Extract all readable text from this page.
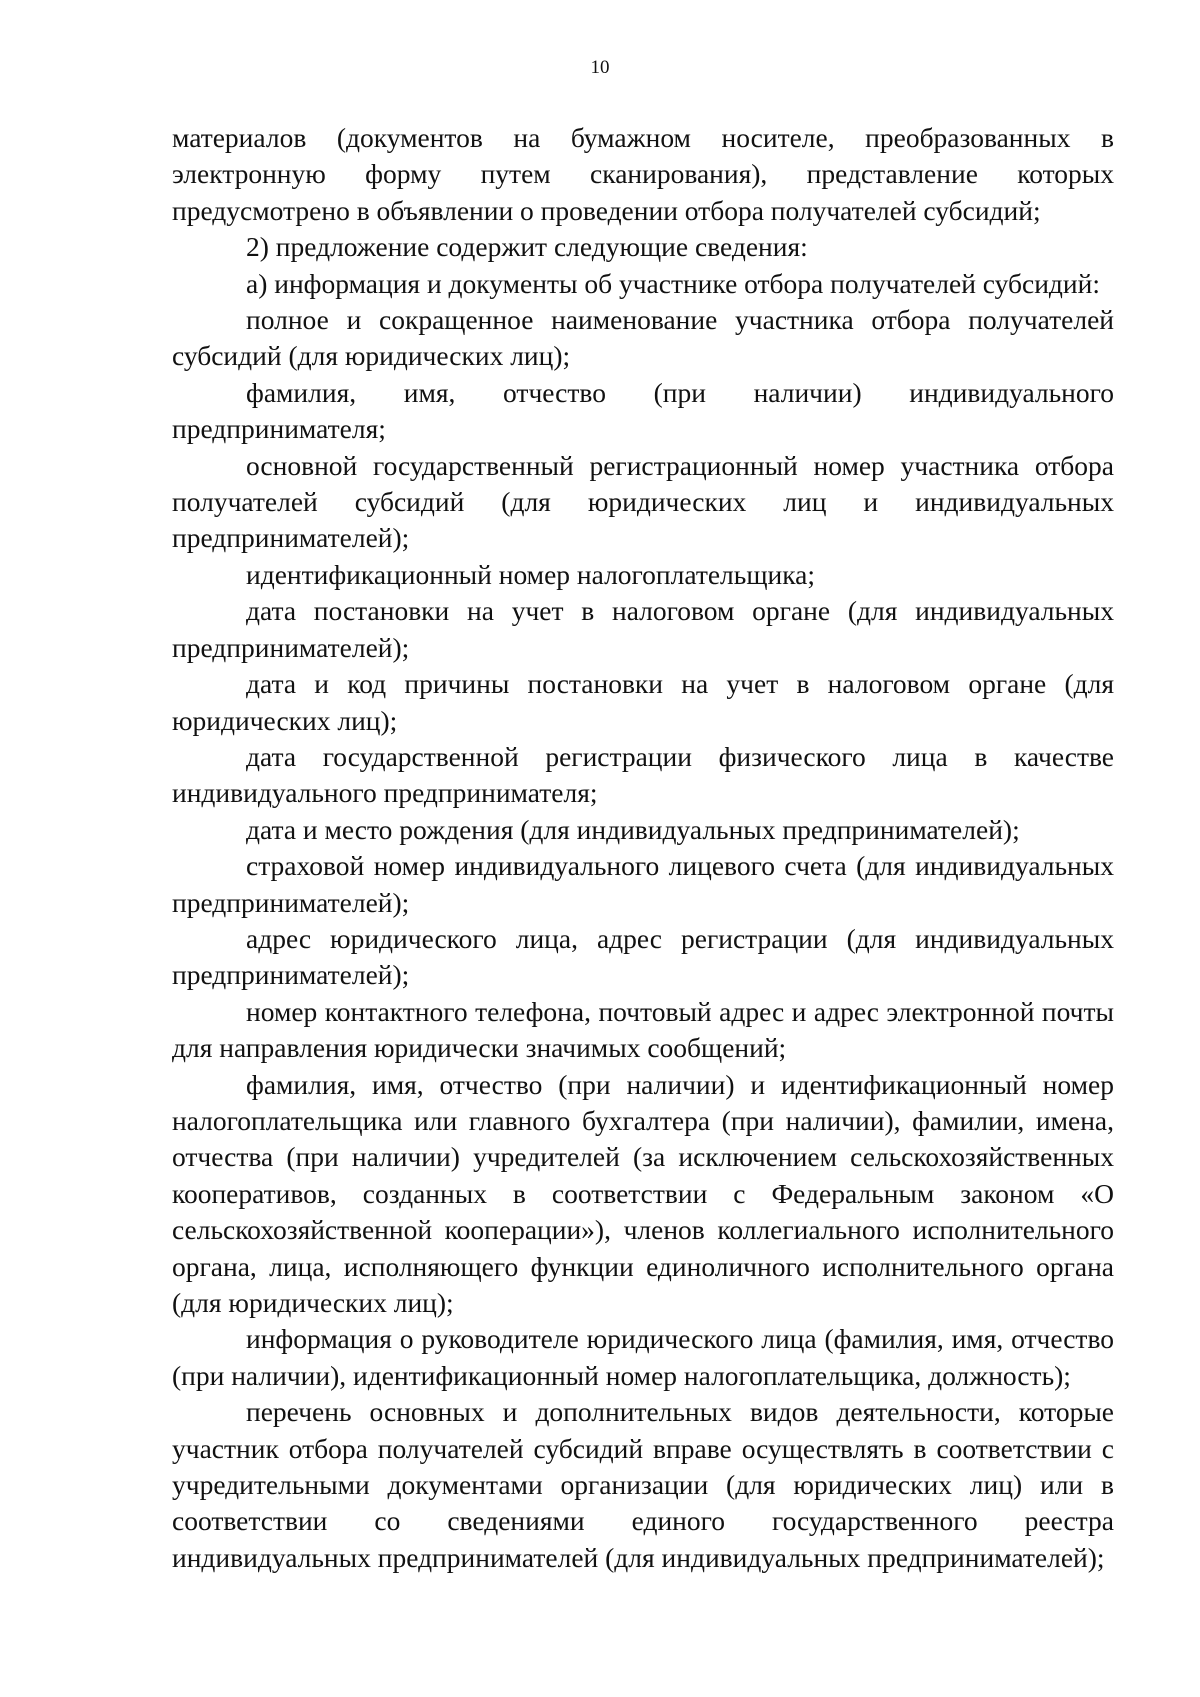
10

материалов (документов на бумажном носителе, преобразованных в электронную форму путем сканирования), представление которых предусмотрено в объявлении о проведении отбора получателей субсидий;

2) предложение содержит следующие сведения:

а) информация и документы об участнике отбора получателей субсидий:

полное и сокращенное наименование участника отбора получателей субсидий (для юридических лиц);

фамилия, имя, отчество (при наличии) индивидуального предпринимателя;

основной государственный регистрационный номер участника отбора получателей субсидий (для юридических лиц и индивидуальных предпринимателей);

идентификационный номер налогоплательщика;

дата постановки на учет в налоговом органе (для индивидуальных предпринимателей);

дата и код причины постановки на учет в налоговом органе (для юридических лиц);

дата государственной регистрации физического лица в качестве индивидуального предпринимателя;

дата и место рождения (для индивидуальных предпринимателей);

страховой номер индивидуального лицевого счета (для индивидуальных предпринимателей);

адрес юридического лица, адрес регистрации (для индивидуальных предпринимателей);

номер контактного телефона, почтовый адрес и адрес электронной почты для направления юридически значимых сообщений;

фамилия, имя, отчество (при наличии) и идентификационный номер налогоплательщика или главного бухгалтера (при наличии), фамилии, имена, отчества (при наличии) учредителей (за исключением сельскохозяйственных кооперативов, созданных в соответствии с Федеральным законом «О сельскохозяйственной кооперации»), членов коллегиального исполнительного органа, лица, исполняющего функции единоличного исполнительного органа (для юридических лиц);

информация о руководителе юридического лица (фамилия, имя, отчество (при наличии), идентификационный номер налогоплательщика, должность);

перечень основных и дополнительных видов деятельности, которые участник отбора получателей субсидий вправе осуществлять в соответствии с учредительными документами организации (для юридических лиц) или в соответствии со сведениями единого государственного реестра индивидуальных предпринимателей (для индивидуальных предпринимателей);
